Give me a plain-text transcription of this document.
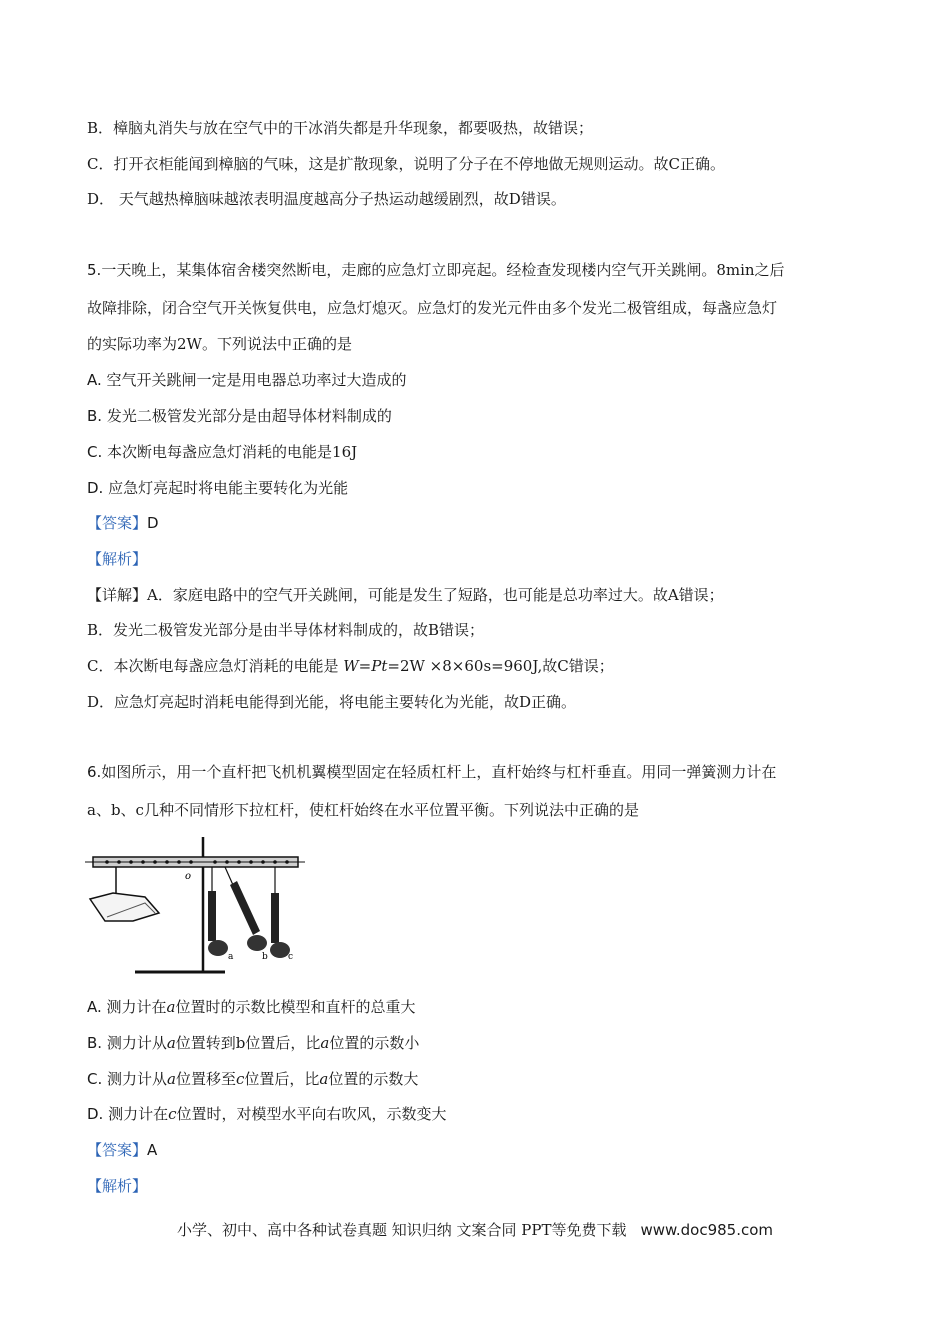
B．樟脑丸消失与放在空气中的干冰消失都是升华现象，都要吸热，故错误；
C．打开衣柜能闻到樟脑的气味，这是扩散现象，说明了分子在不停地做无规则运动。故C正确。
D． 天气越热樟脑味越浓表明温度越高分子热运动越缓剧烈，故D错误。
5.一天晚上，某集体宿舍楼突然断电，走廊的应急灯立即亮起。经检查发现楼内空气开关跳闸。8min之后
故障排除，闭合空气开关恢复供电，应急灯熄灭。应急灯的发光元件由多个发光二极管组成，每盏应急灯
的实际功率为2W。下列说法中正确的是
A. 空气开关跳闸一定是用电器总功率过大造成的
B. 发光二极管发光部分是由超导体材料制成的
C. 本次断电每盏应急灯消耗的电能是16J
D. 应急灯亮起时将电能主要转化为光能
【答案】D
【解析】
【详解】A．家庭电路中的空气开关跳闸，可能是发生了短路，也可能是总功率过大。故A错误；
B．发光二极管发光部分是由半导体材料制成的，故B错误；
C．本次断电每盏应急灯消耗的电能是 W=Pt=2W ×8×60s=960J,故C错误；
D．应急灯亮起时消耗电能得到光能，将电能主要转化为光能，故D正确。
6.如图所示，用一个直杆把飞机机翼模型固定在轻质杠杆上，直杆始终与杠杆垂直。用同一弹簧测力计在
a、b、c几种不同情形下拉杠杆，使杠杆始终在水平位置平衡。下列说法中正确的是
o
a	b c
A. 测力计在a位置时的示数比模型和直杆的总重大
B. 测力计从a位置转到b位置后，比a位置的示数小
C. 测力计从a位置移至c位置后，比a位置的示数大
D. 测力计在c位置时，对模型水平向右吹风，示数变大
【答案】A
【解析】
小学、初中、高中各种试卷真题 知识归纳 文案合同 PPT等免费下载 www.doc985.com
